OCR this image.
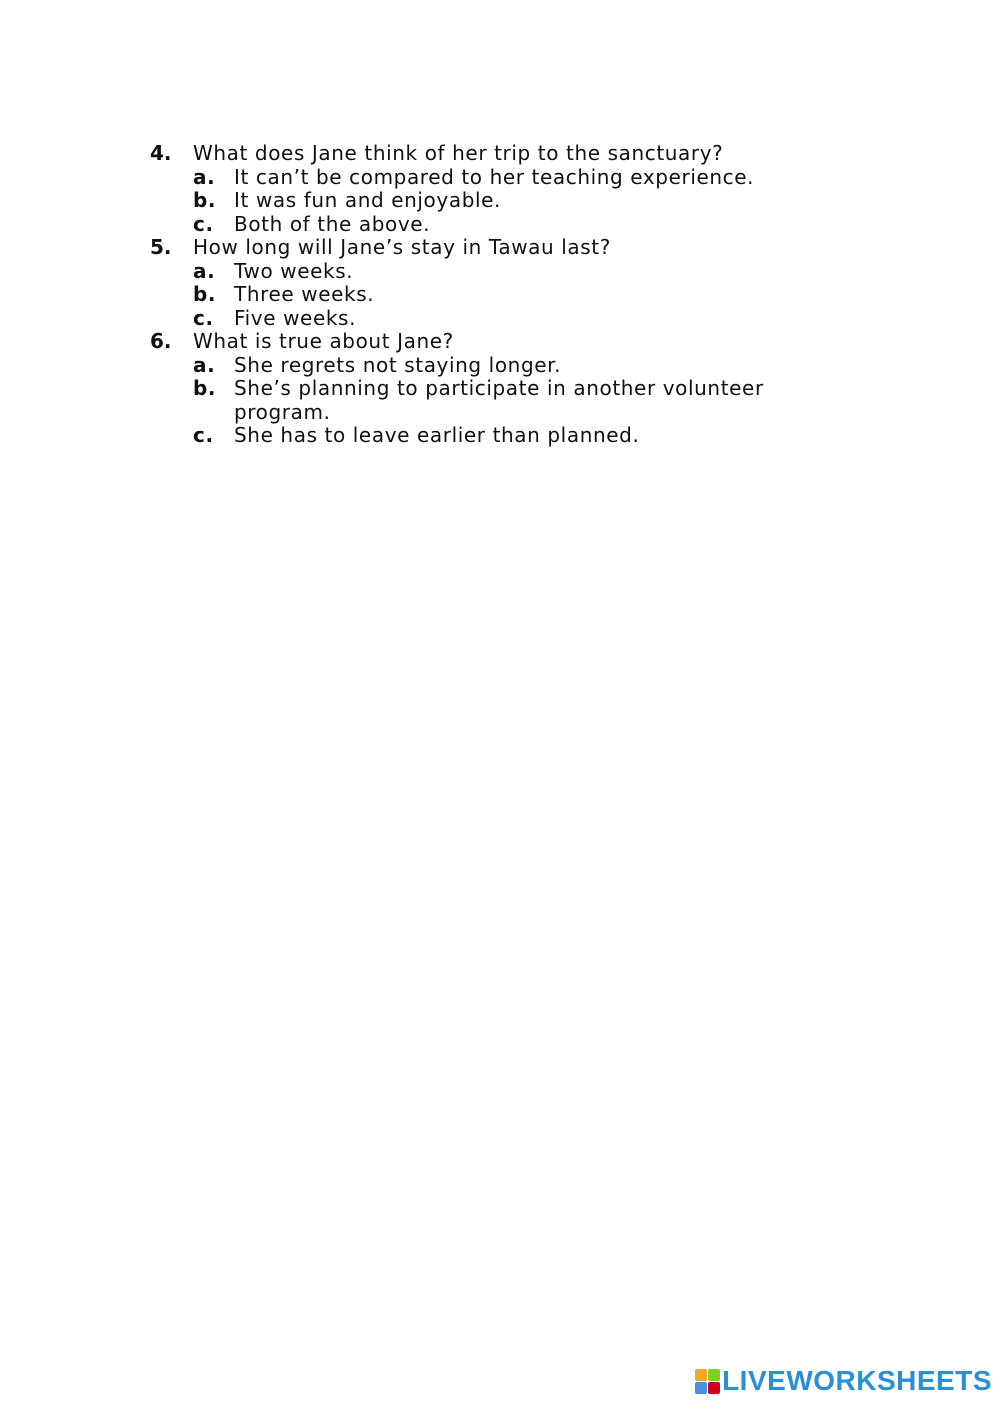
4. What does Jane think of her trip to the sanctuary?
a. It can’t be compared to her teaching experience.
b. It was fun and enjoyable.
c. Both of the above.
5. How long will Jane’s stay in Tawau last?
a. Two weeks.
b. Three weeks.
c. Five weeks.
6. What is true about Jane?
a. She regrets not staying longer.
b. She’s planning to participate in another volunteer program.
c. She has to leave earlier than planned.
LIVEWORKSHEETS
